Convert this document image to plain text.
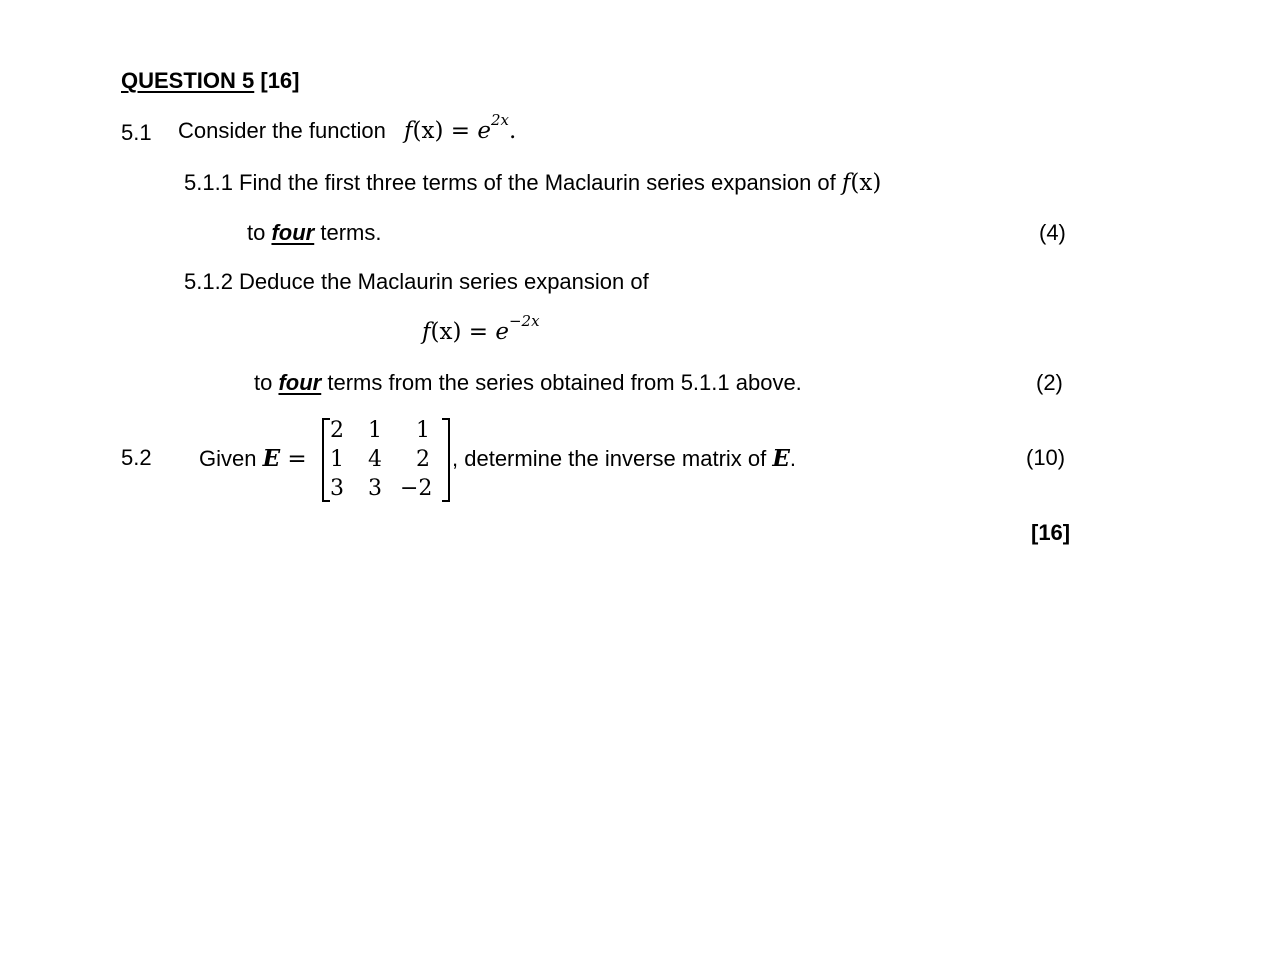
QUESTION 5 [16]
5.1 Consider the function $f(x) = e^{2x}$.
5.1.1 Find the first three terms of the Maclaurin series expansion of f(x)
to four terms.	(4)
5.1.2 Deduce the Maclaurin series expansion of
$f(x) = e^{-2x}$
to four terms from the series obtained from 5.1.1 above.	(2)
5.2 Given E =
2	1	1
1	4	2
3	3 −2
, determine the inverse matrix of E.	(10)
[16]
